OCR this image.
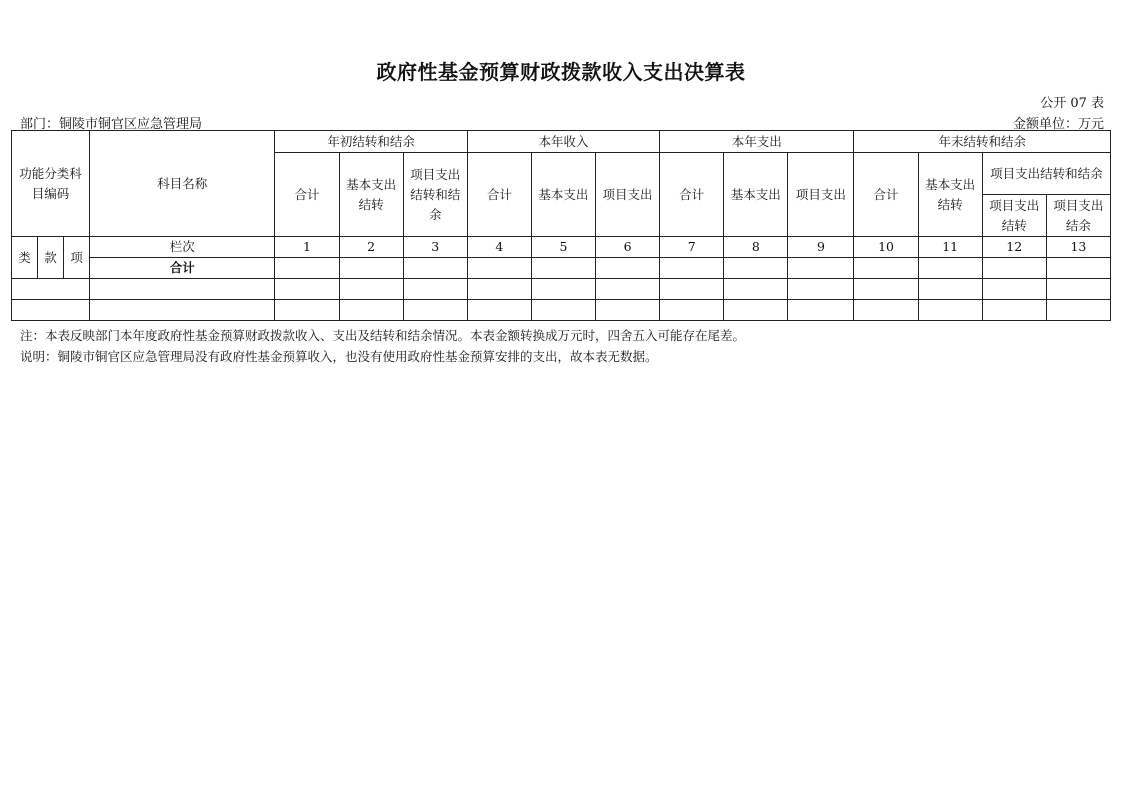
政府性基金预算财政拨款收入支出决算表
公开 07 表
部门：铜陵市铜官区应急管理局	金额单位：万元
功能分类科目编码			科目名称	年初结转和结余			本年收入			本年支出			年末结转和结余			
				合计	基本支出结转	项目支出结转和结余	合计	基本支出	项目支出	合计	基本支出	项目支出	合计	基本支出结转	项目支出结转和结余	
															项目支出结转	项目支出结余
类	款	项	栏次	1	2	3	4	5	6	7	8	9	10	11	12	13
			合计													

注：本表反映部门本年度政府性基金预算财政拨款收入、支出及结转和结余情况。本表金额转换成万元时，四舍五入可能存在尾差。
说明：铜陵市铜官区应急管理局没有政府性基金预算收入，也没有使用政府性基金预算安排的支出，故本表无数据。
